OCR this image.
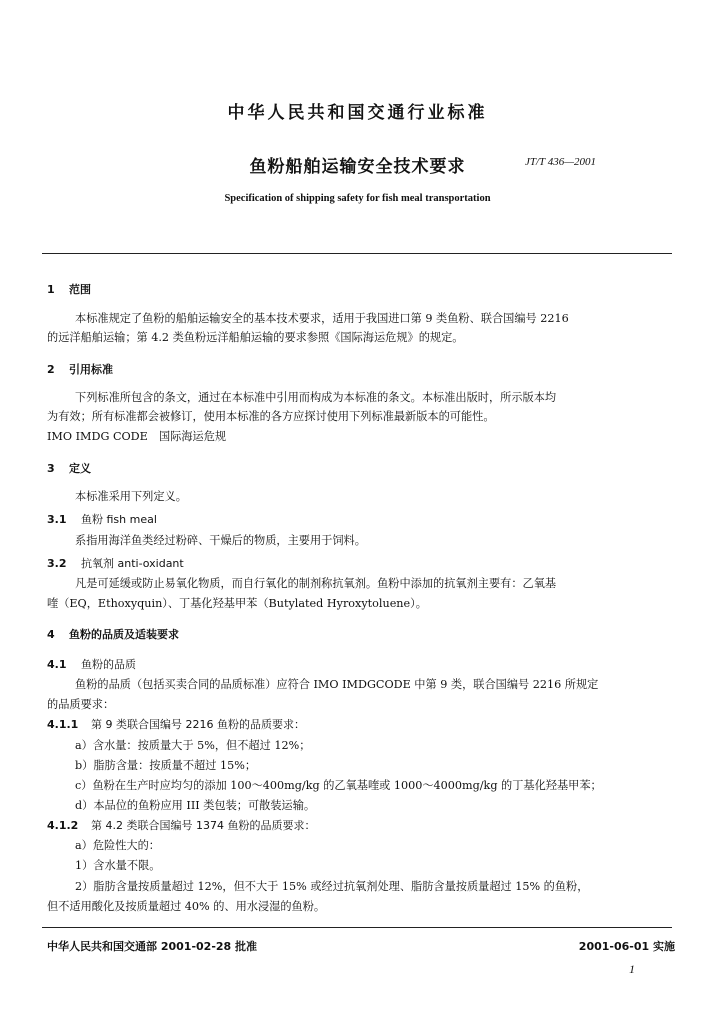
中华人民共和国交通行业标准
鱼粉船舶运输安全技术要求	JT/T 436—2001
Specification of shipping safety for fish meal transportation
1 范围
本标准规定了鱼粉的船舶运输安全的基本技术要求，适用于我国进口第 9 类鱼粉、联合国编号 2216
的远洋船舶运输；第 4.2 类鱼粉远洋船舶运输的要求参照《国际海运危规》的规定。
2 引用标准
下列标准所包含的条文，通过在本标准中引用而构成为本标准的条文。本标准出版时，所示版本均
为有效；所有标准都会被修订，使用本标准的各方应探讨使用下列标准最新版本的可能性。
IMO IMDG CODE　国际海运危规
3 定义
本标准采用下列定义。
3.1 鱼粉 fish meal
系指用海洋鱼类经过粉碎、干燥后的物质，主要用于饲料。
3.2 抗氧剂 anti-oxidant
凡是可延缓或防止易氧化物质，而自行氧化的制剂称抗氧剂。鱼粉中添加的抗氧剂主要有：乙氧基
喹（EQ，Ethoxyquin）、丁基化羟基甲苯（Butylated Hyroxytoluene）。
4 鱼粉的品质及适装要求
4.1 鱼粉的品质
鱼粉的品质（包括买卖合同的品质标准）应符合 IMO IMDGCODE 中第 9 类，联合国编号 2216 所规定
的品质要求：
4.1.1 第 9 类联合国编号 2216 鱼粉的品质要求：
a）含水量：按质量大于 5%，但不超过 12%；
b）脂肪含量：按质量不超过 15%；
c）鱼粉在生产时应均匀的添加 100～400mg/kg 的乙氧基喹或 1000～4000mg/kg 的丁基化羟基甲苯；
d）本品位的鱼粉应用 III 类包装；可散装运输。
4.1.2 第 4.2 类联合国编号 1374 鱼粉的品质要求：
a）危险性大的：
1）含水量不限。
2）脂肪含量按质量超过 12%，但不大于 15% 或经过抗氧剂处理、脂肪含量按质量超过 15% 的鱼粉，
但不适用酸化及按质量超过 40% 的、用水浸湿的鱼粉。
中华人民共和国交通部 2001-02-28 批准	2001-06-01 实施
1
